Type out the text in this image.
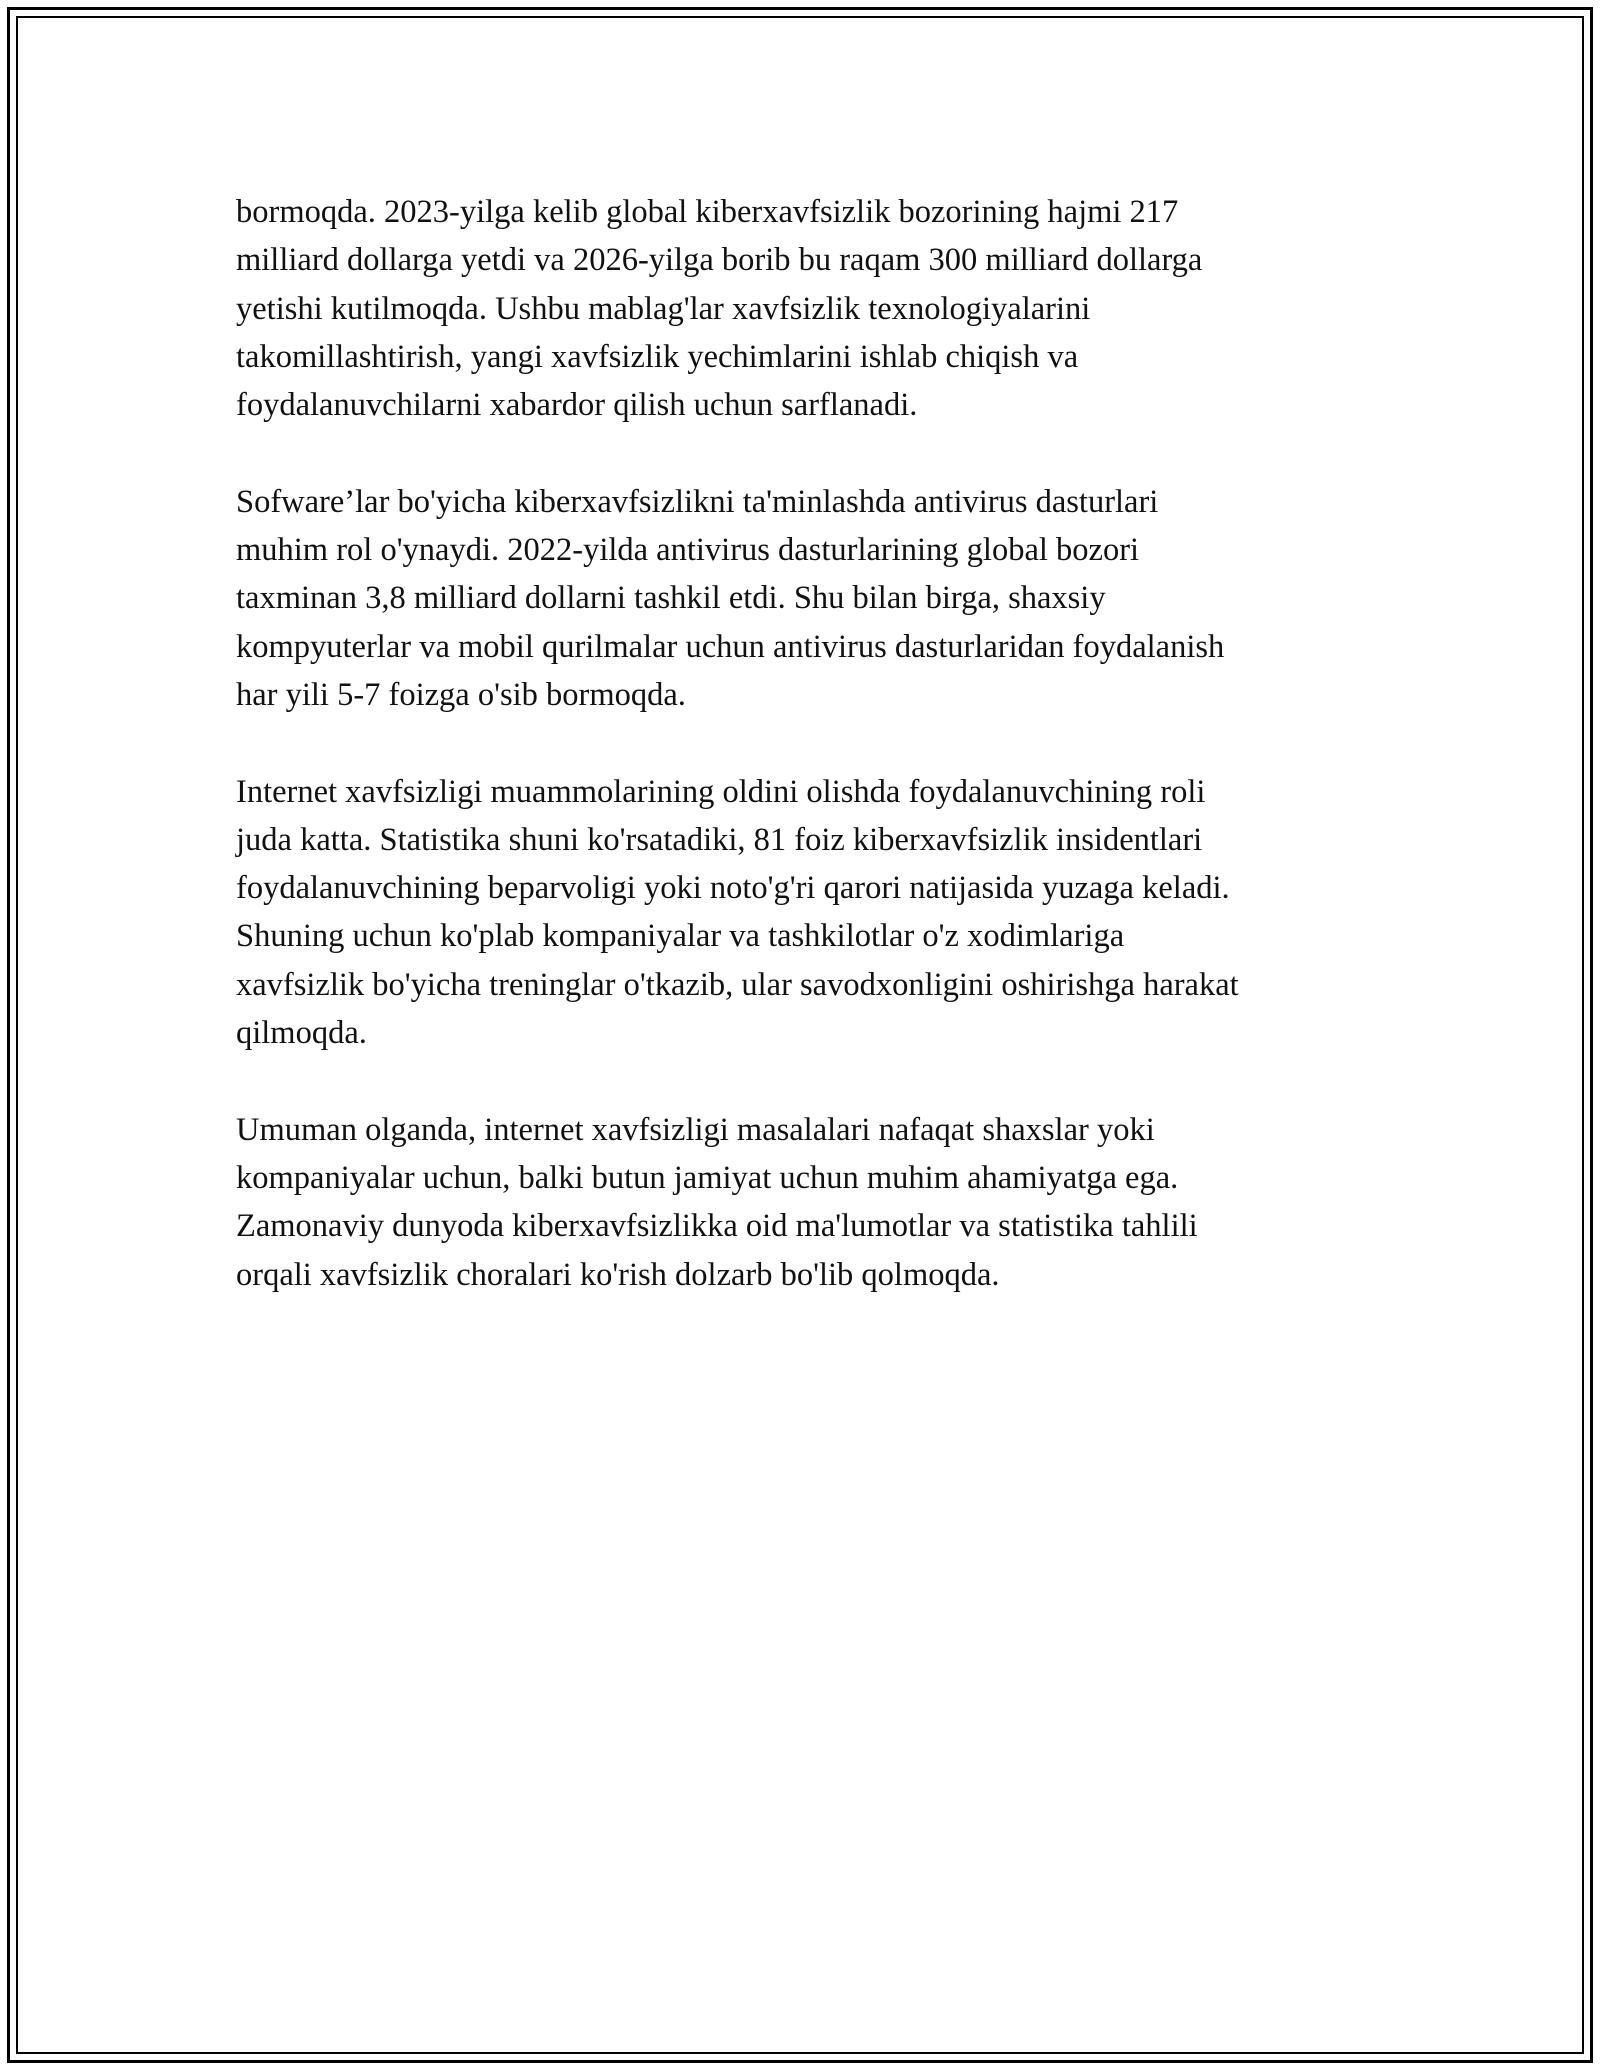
bormoqda. 2023-yilga kelib global kiberxavfsizlik bozorining hajmi 217
milliard dollarga yetdi va 2026-yilga borib bu raqam 300 milliard dollarga
yetishi kutilmoqda. Ushbu mablag'lar xavfsizlik texnologiyalarini
takomillashtirish, yangi xavfsizlik yechimlarini ishlab chiqish va
foydalanuvchilarni xabardor qilish uchun sarflanadi.

Sofware’lar bo'yicha kiberxavfsizlikni ta'minlashda antivirus dasturlari
muhim rol o'ynaydi. 2022-yilda antivirus dasturlarining global bozori
taxminan 3,8 milliard dollarni tashkil etdi. Shu bilan birga, shaxsiy
kompyuterlar va mobil qurilmalar uchun antivirus dasturlaridan foydalanish
har yili 5-7 foizga o'sib bormoqda.

Internet xavfsizligi muammolarining oldini olishda foydalanuvchining roli
juda katta. Statistika shuni ko'rsatadiki, 81 foiz kiberxavfsizlik insidentlari
foydalanuvchining beparvoligi yoki noto'g'ri qarori natijasida yuzaga keladi.
Shuning uchun ko'plab kompaniyalar va tashkilotlar o'z xodimlariga
xavfsizlik bo'yicha treninglar o'tkazib, ular savodxonligini oshirishga harakat
qilmoqda.

Umuman olganda, internet xavfsizligi masalalari nafaqat shaxslar yoki
kompaniyalar uchun, balki butun jamiyat uchun muhim ahamiyatga ega.
Zamonaviy dunyoda kiberxavfsizlikka oid ma'lumotlar va statistika tahlili
orqali xavfsizlik choralari ko'rish dolzarb bo'lib qolmoqda.
